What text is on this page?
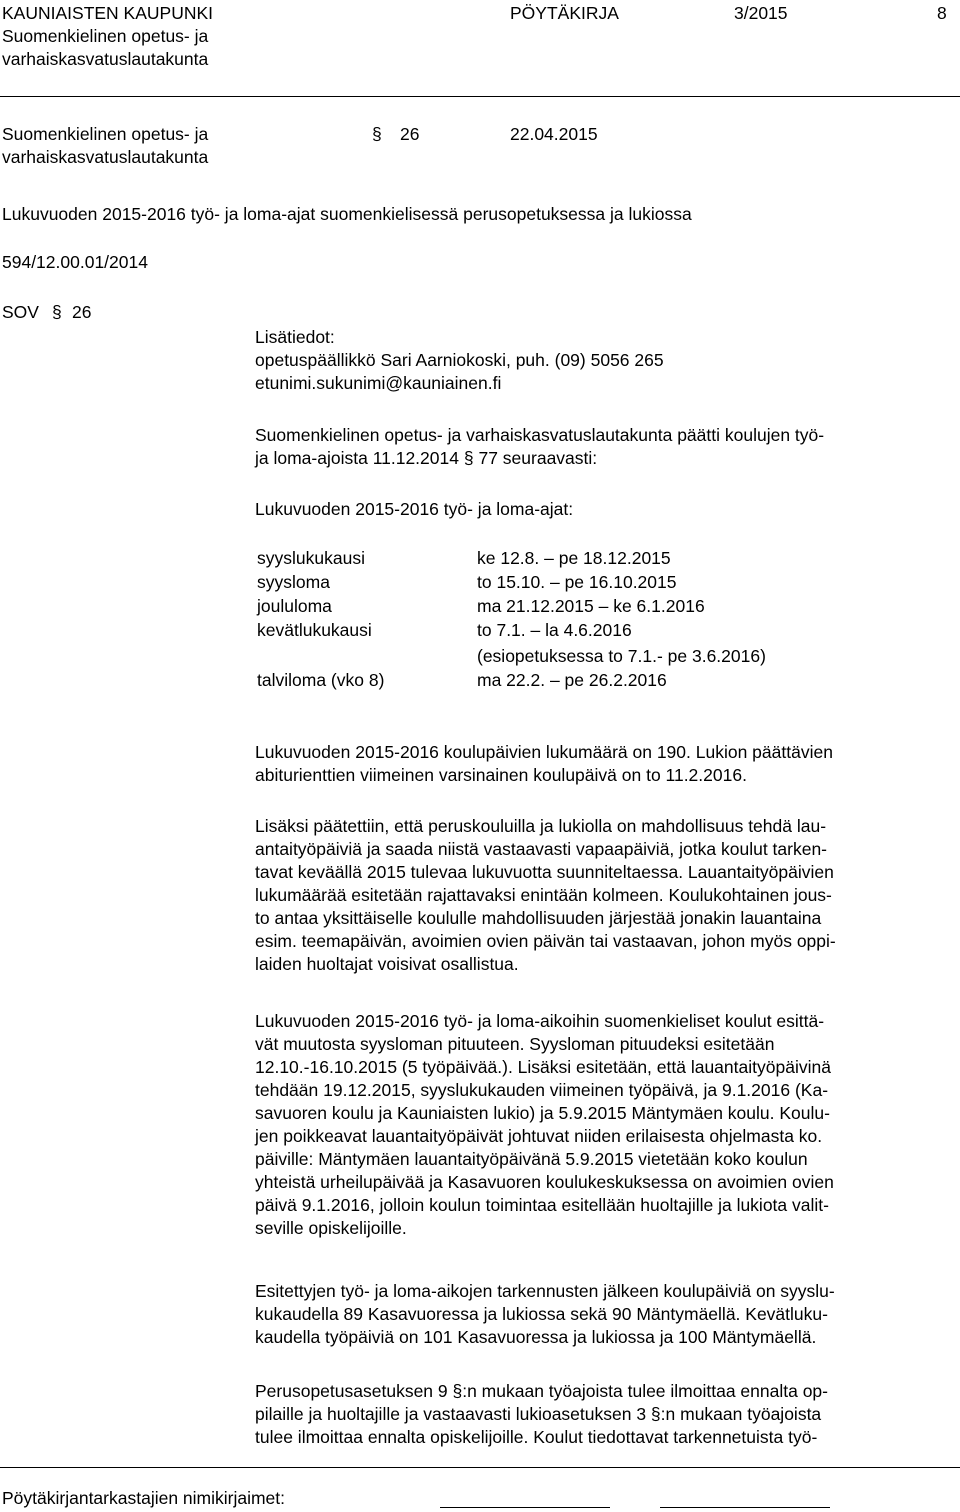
KAUNIAISTEN KAUPUNKI
Suomenkielinen opetus- ja
varhaiskasvatuslautakunta
PÖYTÄKIRJA	3/2015	8
Suomenkielinen opetus- ja
varhaiskasvatuslautakunta
§ 26	22.04.2015
Lukuvuoden 2015-2016 työ- ja loma-ajat suomenkielisessä perusopetuksessa ja lukiossa
594/12.00.01/2014
SOV § 26
Lisätiedot:
opetuspäällikkö Sari Aarniokoski, puh. (09) 5056 265
etunimi.sukunimi@kauniainen.fi
Suomenkielinen opetus- ja varhaiskasvatuslautakunta päätti koulujen työ-
ja loma-ajoista 11.12.2014 § 77 seuraavasti:
Lukuvuoden 2015-2016 työ- ja loma-ajat:
syyslukukausi	ke 12.8. – pe 18.12.2015
syysloma	to 15.10. – pe 16.10.2015
joululoma	ma 21.12.2015 – ke 6.1.2016
kevätlukukausi	to 7.1. – la 4.6.2016
(esiopetuksessa to 7.1.- pe 3.6.2016)
talviloma (vko 8)	ma 22.2. – pe 26.2.2016
Lukuvuoden 2015-2016 koulupäivien lukumäärä on 190. Lukion päättävien
abiturienttien viimeinen varsinainen koulupäivä on to 11.2.2016.
Lisäksi päätettiin, että peruskouluilla ja lukiolla on mahdollisuus tehdä lau-
antaityöpäiviä ja saada niistä vastaavasti vapaapäiviä, jotka koulut tarken-
tavat keväällä 2015 tulevaa lukuvuotta suunniteltaessa. Lauantaityöpäivien
lukumäärää esitetään rajattavaksi enintään kolmeen. Koulukohtainen jous-
to antaa yksittäiselle koululle mahdollisuuden järjestää jonakin lauantaina
esim. teemapäivän, avoimien ovien päivän tai vastaavan, johon myös oppi-
laiden huoltajat voisivat osallistua.
Lukuvuoden 2015-2016 työ- ja loma-aikoihin suomenkieliset koulut esittä-
vät muutosta syysloman pituuteen. Syysloman pituudeksi esitetään
12.10.-16.10.2015 (5 työpäivää.). Lisäksi esitetään, että lauantaityöpäivinä
tehdään 19.12.2015, syyslukukauden viimeinen työpäivä, ja 9.1.2016 (Ka-
savuoren koulu ja Kauniaisten lukio) ja 5.9.2015 Mäntymäen koulu. Koulu-
jen poikkeavat lauantaityöpäivät johtuvat niiden erilaisesta ohjelmasta ko.
päiville: Mäntymäen lauantaityöpäivänä 5.9.2015 vietetään koko koulun
yhteistä urheilupäivää ja Kasavuoren koulukeskuksessa on avoimien ovien
päivä 9.1.2016, jolloin koulun toimintaa esitellään huoltajille ja lukiota valit-
seville opiskelijoille.
Esitettyjen työ- ja loma-aikojen tarkennusten jälkeen koulupäiviä on syyslu-
kukaudella 89 Kasavuoressa ja lukiossa sekä 90 Mäntymäellä. Kevätluku-
kaudella työpäiviä on 101 Kasavuoressa ja lukiossa ja 100 Mäntymäellä.
Perusopetusasetuksen 9 §:n mukaan työajoista tulee ilmoittaa ennalta op-
pilaille ja huoltajille ja vastaavasti lukioasetuksen 3 §:n mukaan työajoista
tulee ilmoittaa ennalta opiskelijoille. Koulut tiedottavat tarkennetuista työ-
Pöytäkirjantarkastajien nimikirjaimet:
